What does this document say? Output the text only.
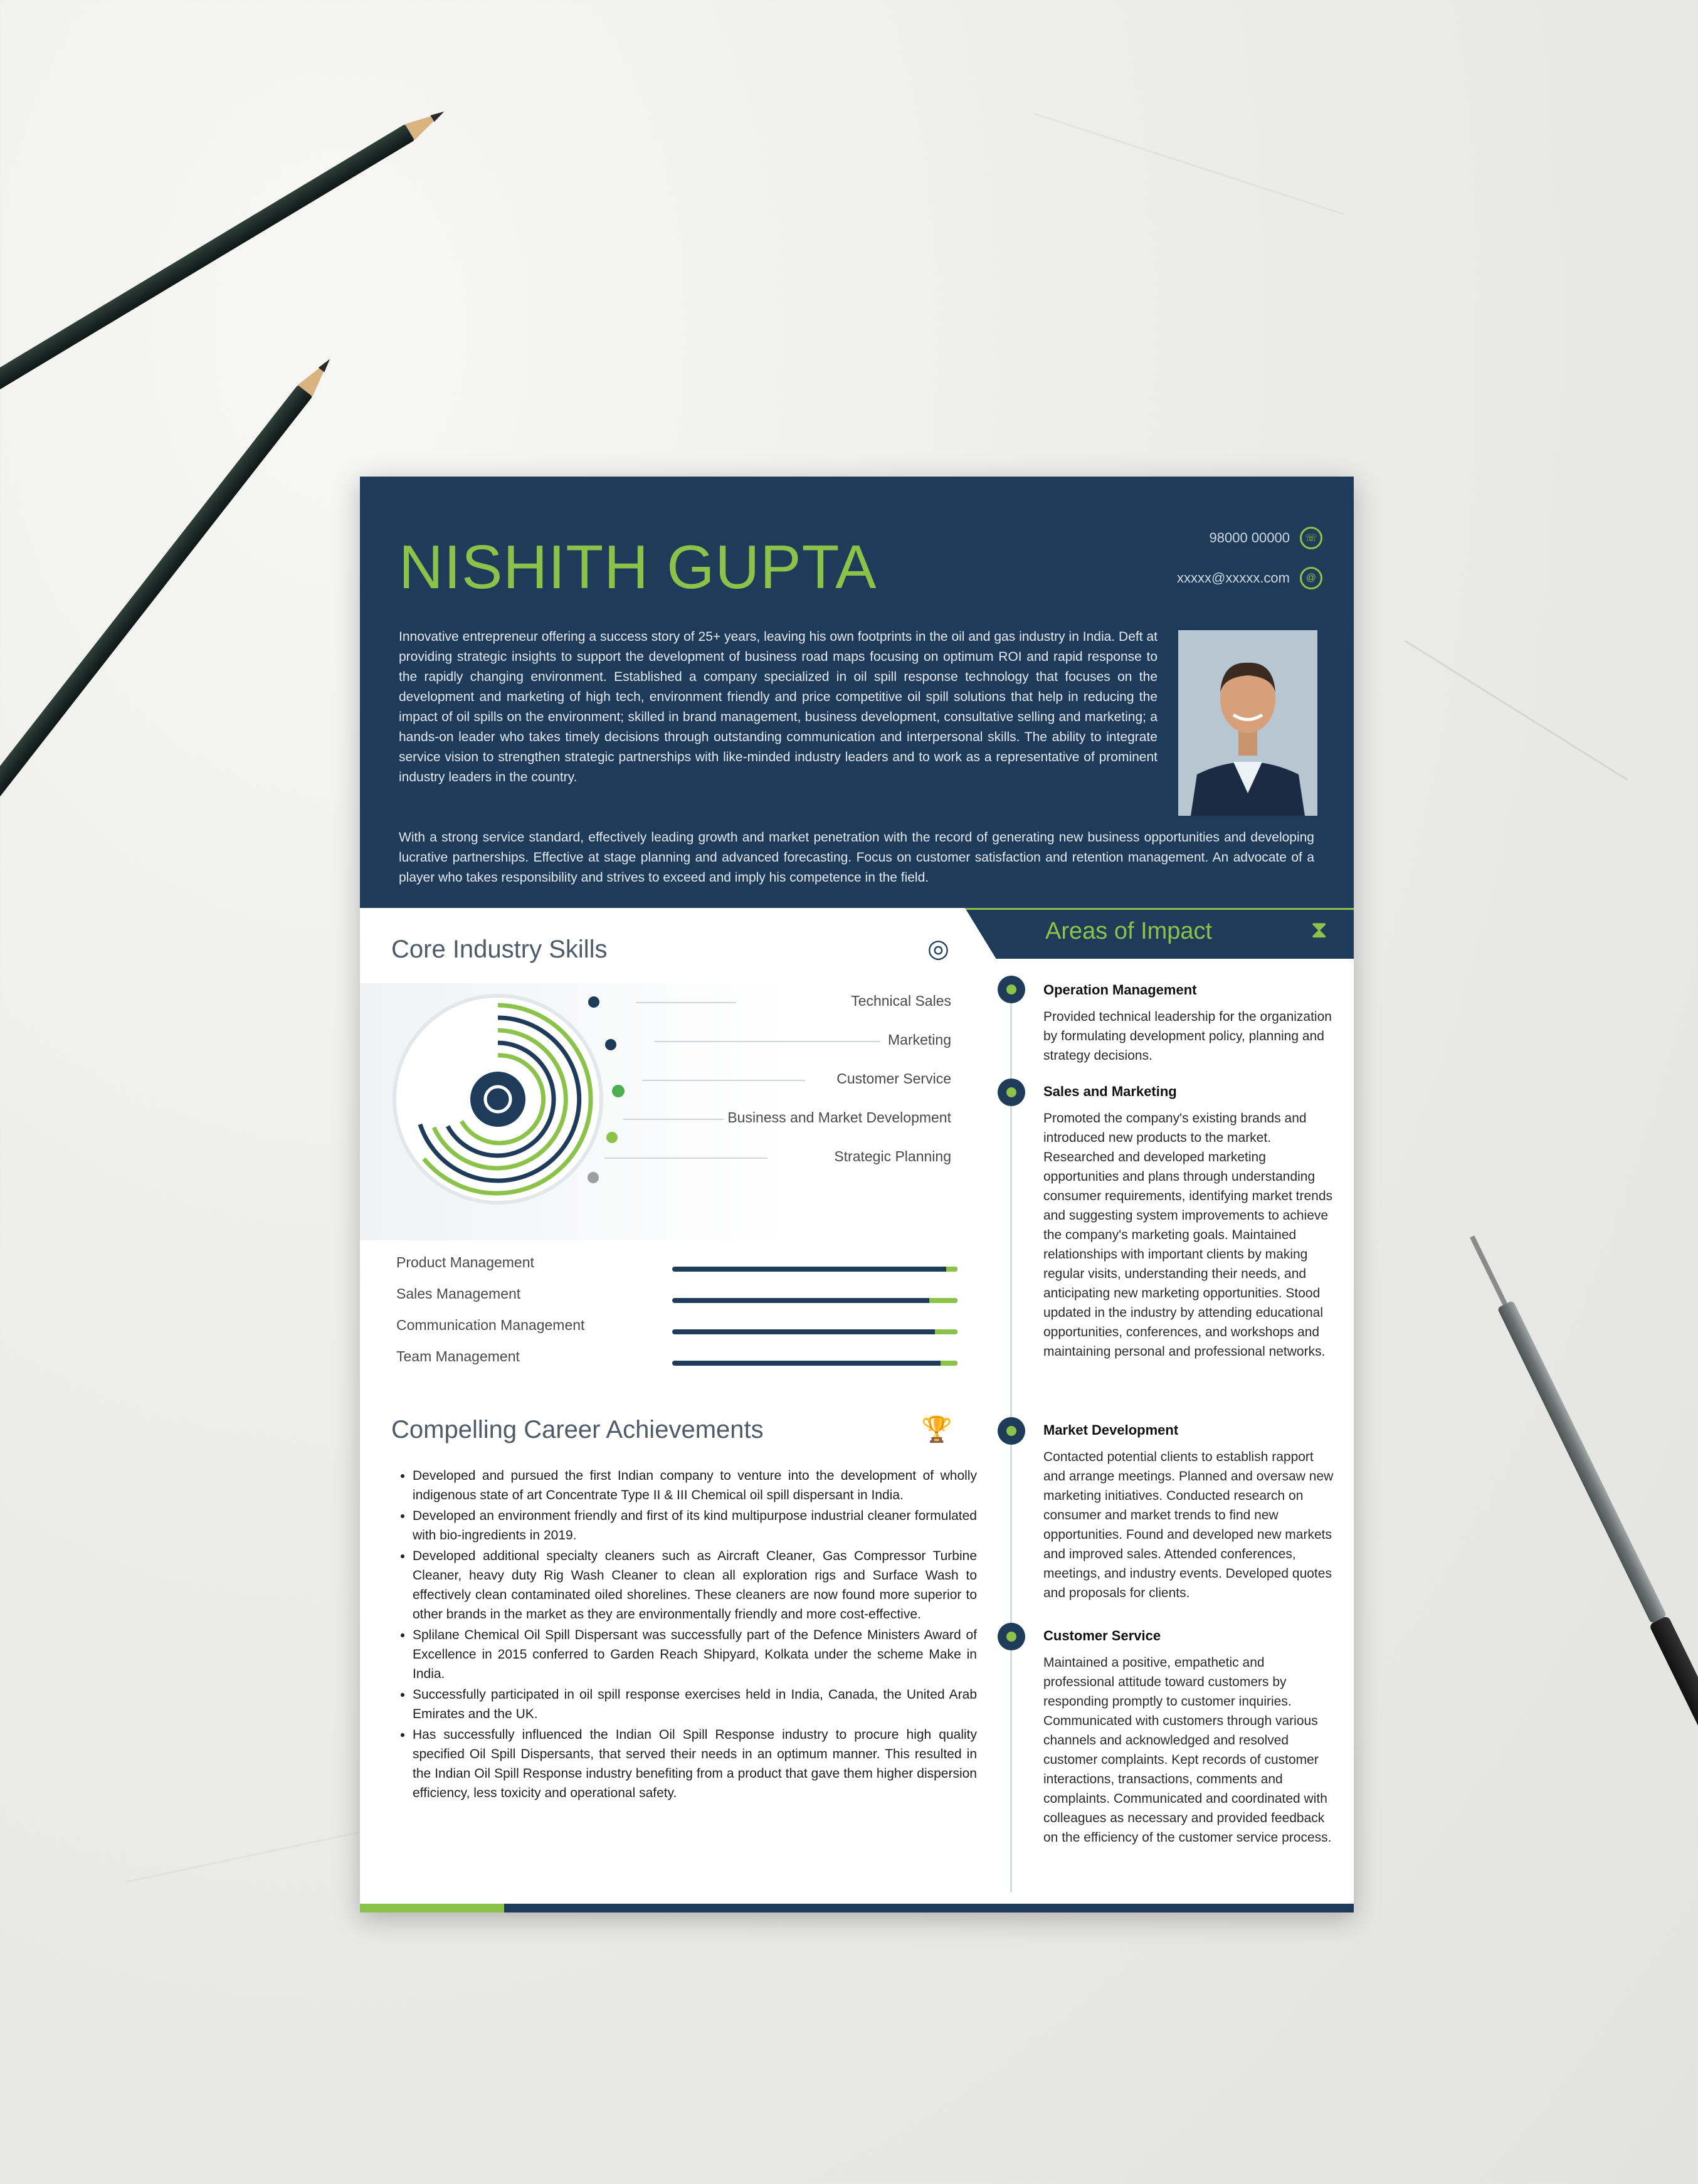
NISHITH GUPTA	98000 00000	☏
xxxxx@xxxxx.com	@
Innovative entrepreneur offering a success story of 25+ years, leaving his own footprints in the oil and gas industry in India. Deft at providing strategic insights to support the development of business road maps focusing on optimum ROI and rapid response to the rapidly changing environment. Established a company specialized in oil spill response technology that focuses on the development and marketing of high tech, environment friendly and price competitive oil spill solutions that help in reducing the impact of oil spills on the environment; skilled in brand management, business development, consultative selling and marketing; a hands-on leader who takes timely decisions through outstanding communication and interpersonal skills. The ability to integrate service vision to strengthen strategic partnerships with like-minded industry leaders and to work as a representative of prominent industry leaders in the country.
With a strong service standard, effectively leading growth and market penetration with the record of generating new business opportunities and developing lucrative partnerships. Effective at stage planning and advanced forecasting. Focus on customer satisfaction and retention management. An advocate of a player who takes responsibility and strives to exceed and imply his competence in the field.
Core Industry Skills	◎
Technical Sales
Marketing
Customer Service
Business and Market Development
Strategic Planning
Product Management
Sales Management
Communication Management
Team Management
Compelling Career Achievements	🏆
• Developed and pursued the first Indian company to venture into the development of wholly indigenous state of art Concentrate Type II & III Chemical oil spill dispersant in India.
• Developed an environment friendly and first of its kind multipurpose industrial cleaner formulated with bio-ingredients in 2019.
• Developed additional specialty cleaners such as Aircraft Cleaner, Gas Compressor Turbine Cleaner, heavy duty Rig Wash Cleaner to clean all exploration rigs and Surface Wash to effectively clean contaminated oiled shorelines. These cleaners are now found more superior to other brands in the market as they are environmentally friendly and more cost-effective.
• Splilane Chemical Oil Spill Dispersant was successfully part of the Defence Ministers Award of Excellence in 2015 conferred to Garden Reach Shipyard, Kolkata under the scheme Make in India.
• Successfully participated in oil spill response exercises held in India, Canada, the United Arab Emirates and the UK.
• Has successfully influenced the Indian Oil Spill Response industry to procure high quality specified Oil Spill Dispersants, that served their needs in an optimum manner. This resulted in the Indian Oil Spill Response industry benefiting from a product that gave them higher dispersion efficiency, less toxicity and operational safety.
Areas of Impact	⧗
Operation Management
Provided technical leadership for the organization by formulating development policy, planning and strategy decisions.
Sales and Marketing
Promoted the company's existing brands and introduced new products to the market. Researched and developed marketing opportunities and plans through understanding consumer requirements, identifying market trends and suggesting system improvements to achieve the company's marketing goals. Maintained relationships with important clients by making regular visits, understanding their needs, and anticipating new marketing opportunities. Stood updated in the industry by attending educational opportunities, conferences, and workshops and maintaining personal and professional networks.
Market Development
Contacted potential clients to establish rapport and arrange meetings. Planned and oversaw new marketing initiatives. Conducted research on consumer and market trends to find new opportunities. Found and developed new markets and improved sales. Attended conferences, meetings, and industry events. Developed quotes and proposals for clients.
Customer Service
Maintained a positive, empathetic and professional attitude toward customers by responding promptly to customer inquiries. Communicated with customers through various channels and acknowledged and resolved customer complaints. Kept records of customer interactions, transactions, comments and complaints. Communicated and coordinated with colleagues as necessary and provided feedback on the efficiency of the customer service process.
